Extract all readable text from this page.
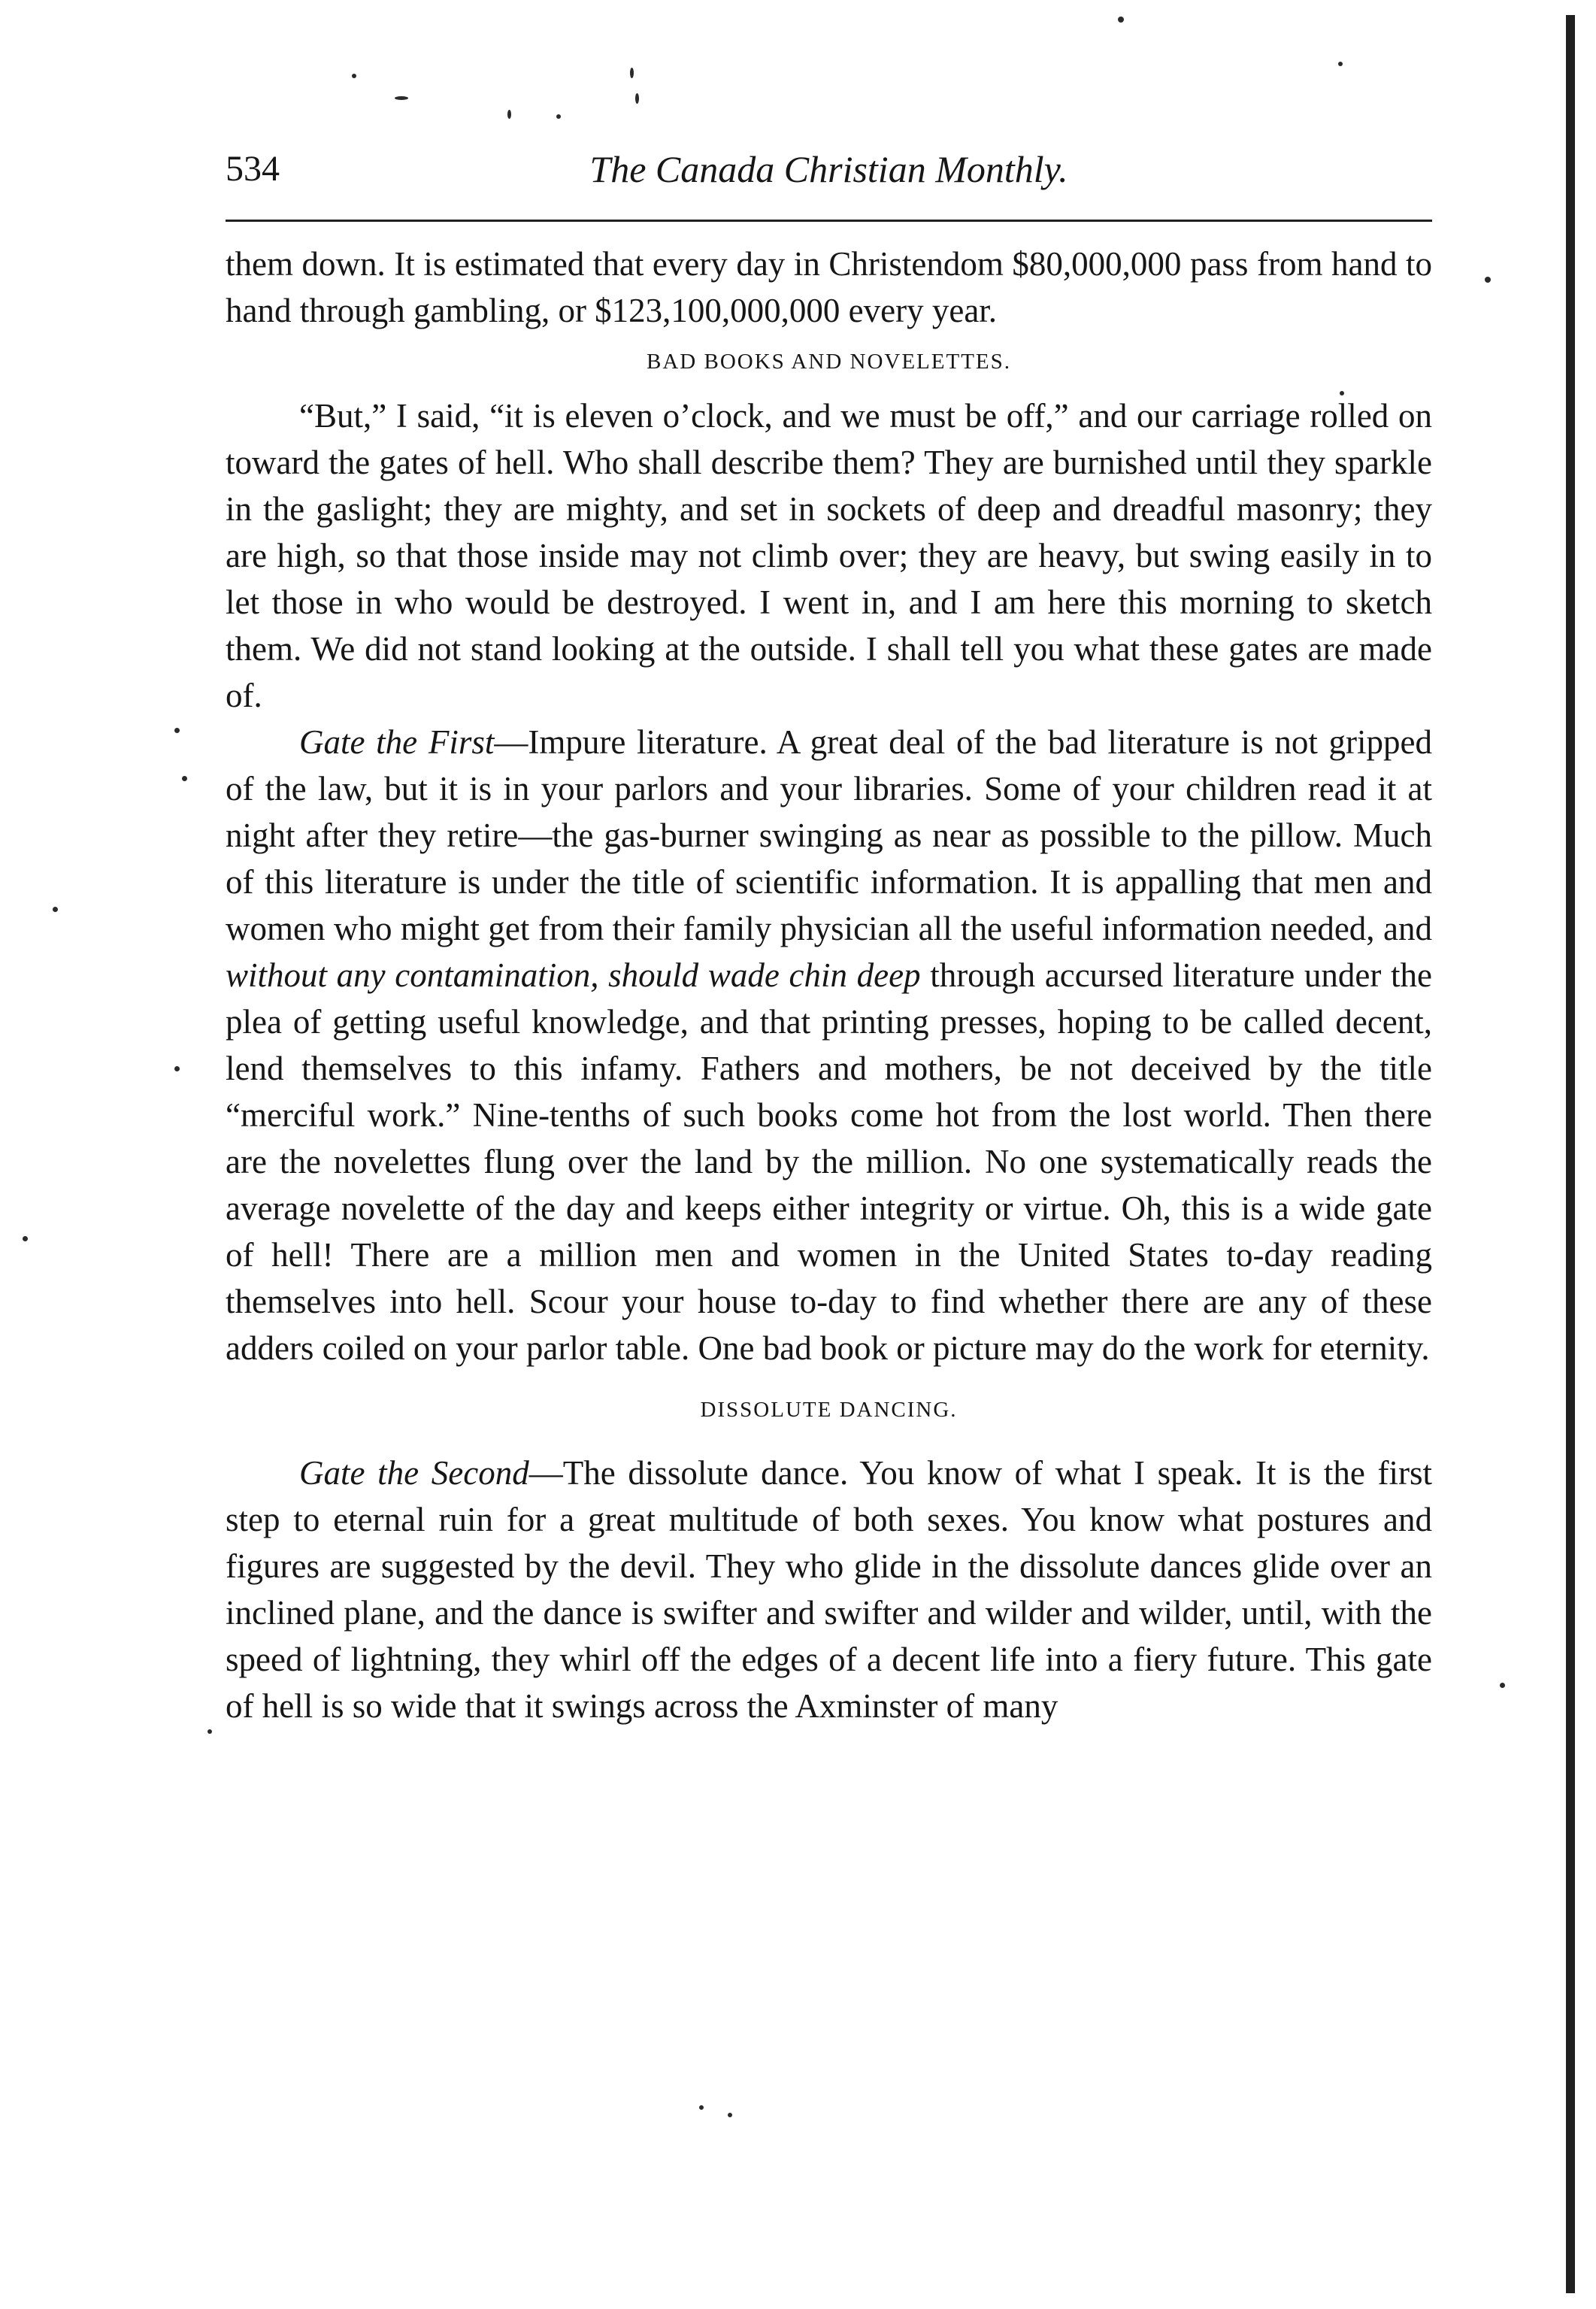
The Canada Christian Monthly.
534

them down. It is estimated that every day in Christendom $80,000,000 pass from hand to hand through gambling, or $123,100,000,000 every year.

BAD BOOKS AND NOVELETTES.

“But,” I said, “it is eleven o’clock, and we must be off,” and our carriage rolled on toward the gates of hell. Who shall describe them? They are burnished until they sparkle in the gaslight; they are mighty, and set in sockets of deep and dreadful masonry; they are high, so that those inside may not climb over; they are heavy, but swing easily in to let those in who would be destroyed. I went in, and I am here this morning to sketch them. We did not stand looking at the outside. I shall tell you what these gates are made of.

Gate the First—Impure literature. A great deal of the bad literature is not gripped of the law, but it is in your parlors and your libraries. Some of your children read it at night after they retire—the gas-burner swinging as near as possible to the pillow. Much of this literature is under the title of scientific information. It is appalling that men and women who might get from their family physician all the useful information needed, and without any contamination, should wade chin deep through accursed literature under the plea of getting useful knowledge, and that printing presses, hoping to be called decent, lend themselves to this infamy. Fathers and mothers, be not deceived by the title “merciful work.” Nine-tenths of such books come hot from the lost world. Then there are the novelettes flung over the land by the million. No one systematically reads the average novelette of the day and keeps either integrity or virtue. Oh, this is a wide gate of hell! There are a million men and women in the United States to-day reading themselves into hell. Scour your house to-day to find whether there are any of these adders coiled on your parlor table. One bad book or picture may do the work for eternity.

DISSOLUTE DANCING.

Gate the Second—The dissolute dance. You know of what I speak. It is the first step to eternal ruin for a great multitude of both sexes. You know what postures and figures are suggested by the devil. They who glide in the dissolute dances glide over an inclined plane, and the dance is swifter and swifter and wilder and wilder, until, with the speed of lightning, they whirl off the edges of a decent life into a fiery future. This gate of hell is so wide that it swings across the Axminster of many
